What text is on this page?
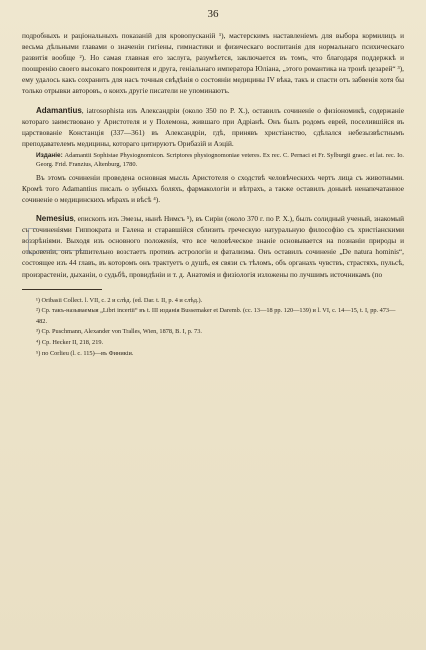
36

подробныхъ и раціональныхъ показаній для кровопусканій ¹), мастерскимъ наставленіемъ для выбора кормилицъ и весьма дѣльными главами о значеніи гигіены, гимнастики и физическаго воспитанія для нормальнаго психическаго развитія вообще ²). Но самая главная его заслуга, разумѣется, заключается въ томъ, что благодаря поддержкѣ и поощренію своего высокаго покровителя и друга, геніальнаго императора Юліана, „этого романтика на тронѣ цезарей“ ³), ему удалось какъ сохранить для насъ точныя свѣдѣнія о состояніи медицины IV вѣка, такъ и спасти отъ забвенія хотя бы только отрывки авторовъ, о коихъ другіе писатели не упоминаютъ.

Adamantius, iatrosophista изъ Александріи (около 350 по Р. Х.), оставилъ сочиненіе о физіономикѣ, содержаніе котораго заимствовано у Аристотеля и у Полемона, жившаго при Адріанѣ. Онъ былъ родомъ еврей, поселившійся въ царствованіе Констанція (337—361) въ Александріи, гдѣ, принявъ христіанство, сдѣлался небезызвѣстнымъ преподавателемъ медицины, котораго цитируютъ Орибазій и Аэцій.

Изданіе: Adamantii Sophistae Physiognomicon. Scriptores physiognomoniae veteres. Ex rec. C. Pernaci et Fr. Sylburgii graec. et lat. rec. Io. Georg. Frid. Franzius, Altenburg, 1780.

Въ этомъ сочиненіи проведена основная мысль Аристотеля о сходствѣ человѣческихъ чертъ лица съ животными. Кромѣ того Adamantius писалъ о зубныхъ боляхъ, фармакологіи и вѣтрахъ, а также оставилъ донынѣ ненапечатанное сочиненіе о медицинскихъ мѣрахъ и вѣсѣ ⁴).

Nemesius, епископъ изъ Эмезы, нынѣ Нимсъ ⁵), въ Сиріи (около 370 г. по Р. Х.), былъ солидный ученый, знакомый съ сочиненіями Гиппократа и Галена и старавшійся сблизить греческую натуральную философію съ христіанскими воззрѣніями. Выходя изъ основного положенія, что все человѣческое знаніе основывается на познаніи природы и откровеніи, онъ рѣшительно возстаетъ противъ астрологіи и фатализма. Онъ оставилъ сочиненіе „De natura hominis“, состоящее изъ 44 главъ, въ которомъ онъ трактуетъ о душѣ, ея связи съ тѣломъ, объ органахъ чувствъ, страстяхъ, пульсѣ, произрастеніи, дыханіи, о судьбѣ, провидѣніи и т. д. Анатомія и физіологія изложены по лучшимъ источникамъ (по

¹) Oribasii Collect. l. VII, c. 2 и слѣд. (ed. Dar. t. II, p. 4 и слѣд.).
²) Ср. такъ-называемыя „Libri incertii“ въ t. III изданія Bussemaker et Daremb. (cc. 13—18 pp. 120—139) и l. VI, c. 14—15, t. I, pp. 473—482.
³) Ср. Puschmann, Alexander von Tralles, Wien, 1878, B. I, p. 73.
⁴) Ср. Hecker II, 218, 219.
⁵) по Corlieu (l. c. 115)—въ Финикіи.
